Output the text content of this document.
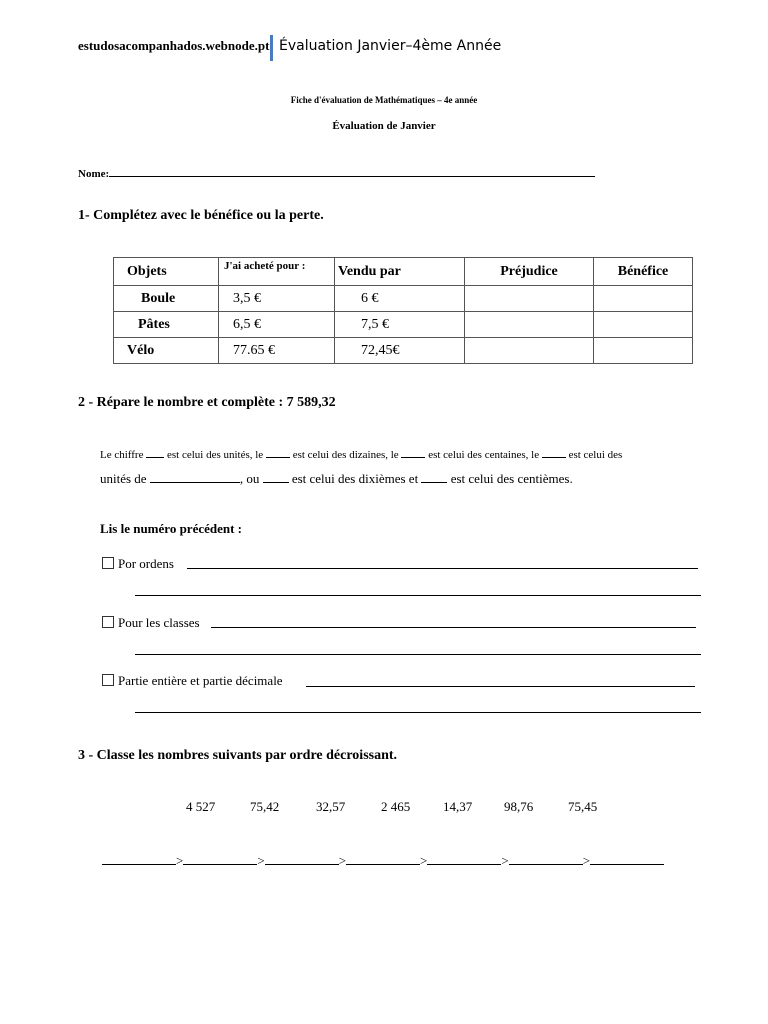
estudosacompanhados.webnode.pt Évaluation Janvier–4ème Année
Fiche d'évaluation de Mathématiques – 4e année
Évaluation de Janvier
Nome:
1- Complétez avec le bénéfice ou la perte.
Objets	J'ai acheté pour :	Vendu par	Préjudice	Bénéfice
Boule	3,5 €	6 €		
Pâtes	6,5 €	7,5 €		
Vélo	77.65 €	72,45€		
2 - Répare le nombre et complète : 7 589,32
Le chiffre est celui des unités, le	est celui des dizaines, le	est celui des centaines, le	est celui des
unités de	, ou	est celui des dixièmes et	est celui des centièmes.
Lis le numéro précédent :
Por ordens
Pour les classes
Partie entière et partie décimale
3 - Classe les nombres suivants par ordre décroissant.
4 527	75,42	32,57	2 465	14,37 98,76	75,45
>	>	>	>	>	>
